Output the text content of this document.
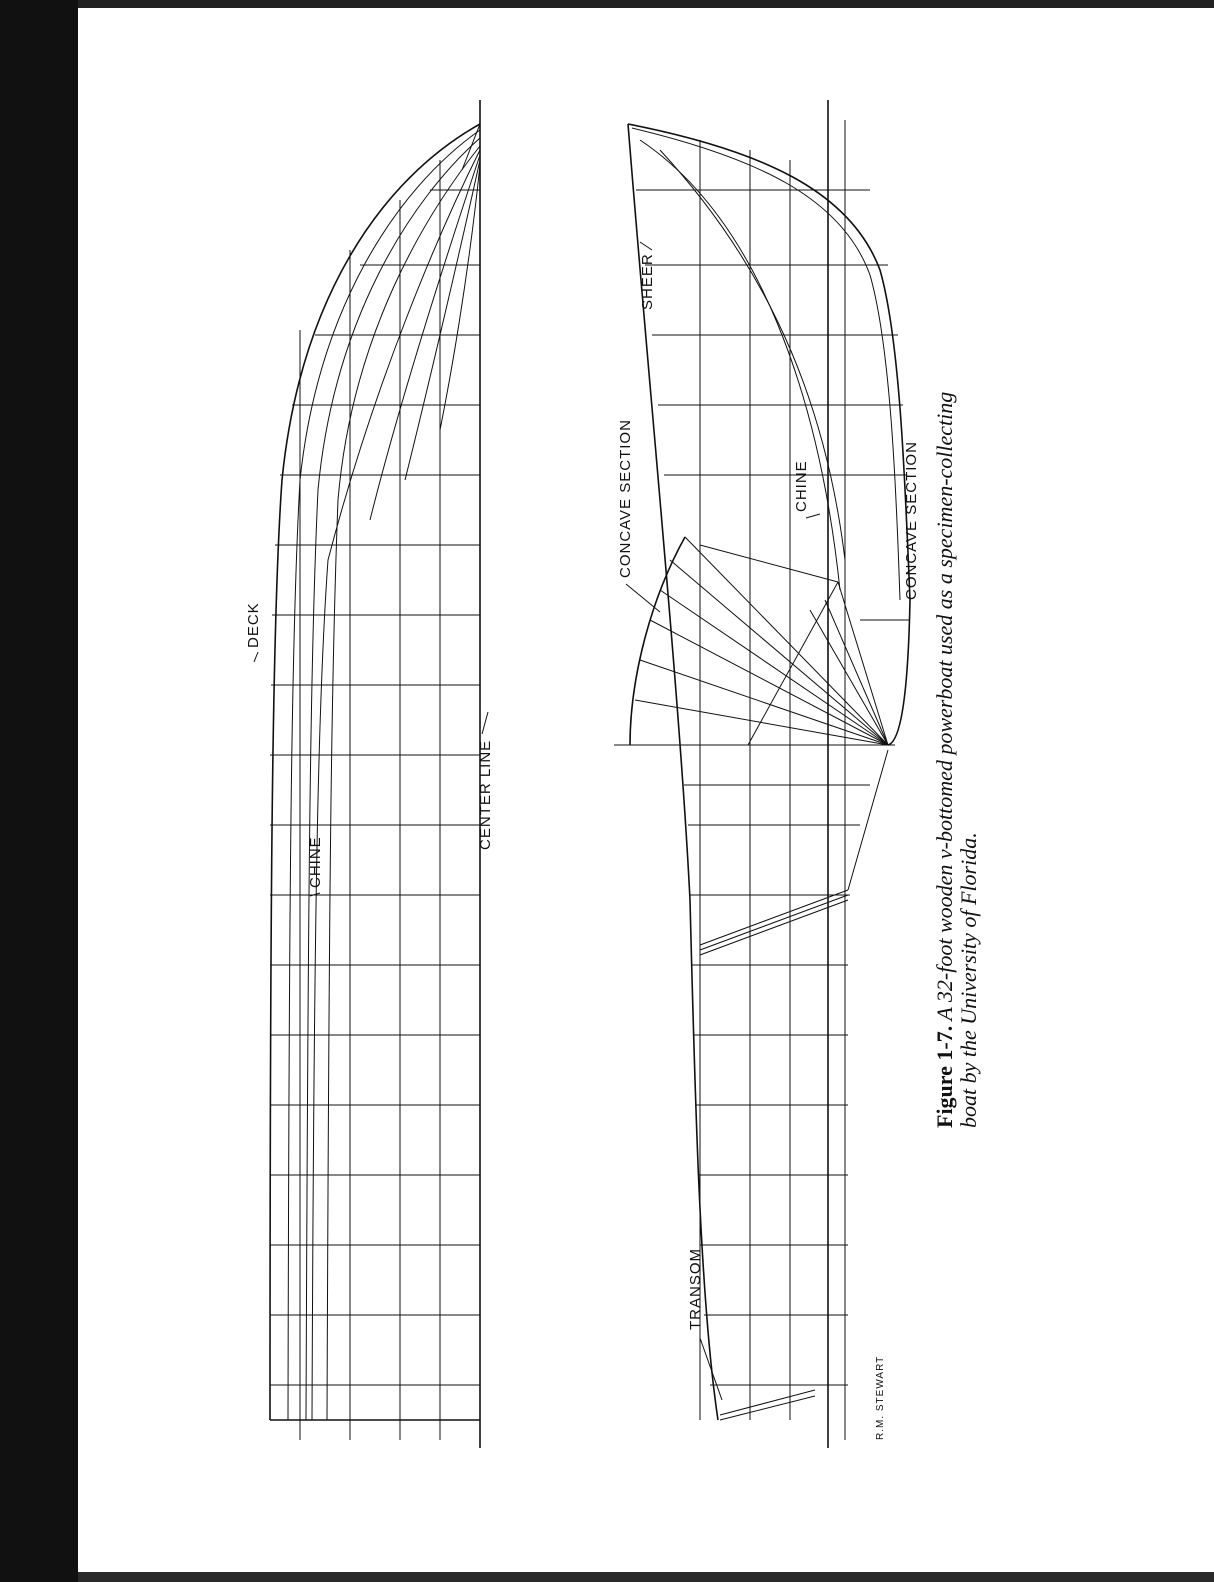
DECK
CHINE
CENTER LINE
SHEER
CONCAVE SECTION	CHINE	CONCAVE SECTION
TRANSOM
R.M. STEWART
Figure 1-7. A 32-foot wooden v-bottomed powerboat used as a specimen-collecting boat by the University of Florida.
